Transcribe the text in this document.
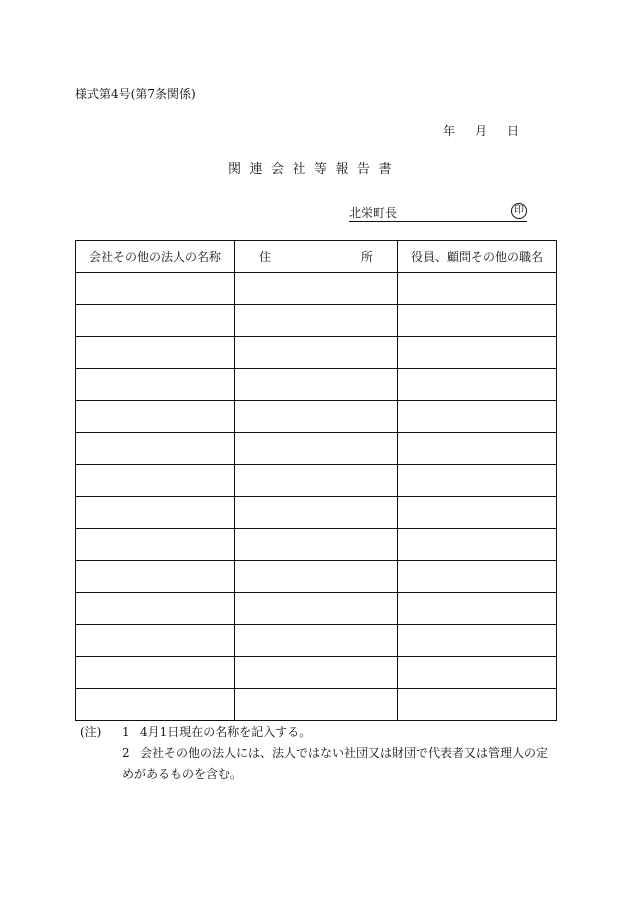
様式第4号(第7条関係)
年 月 日
関連会社等報告書
北栄町長	印
会社その他の法人の名称	住 所	役員、顧問その他の職名

(注)	1 4月1日現在の名称を記入する。
2 会社その他の法人には、法人ではない社団又は財団で代表者又は管理人の定
めがあるものを含む。
